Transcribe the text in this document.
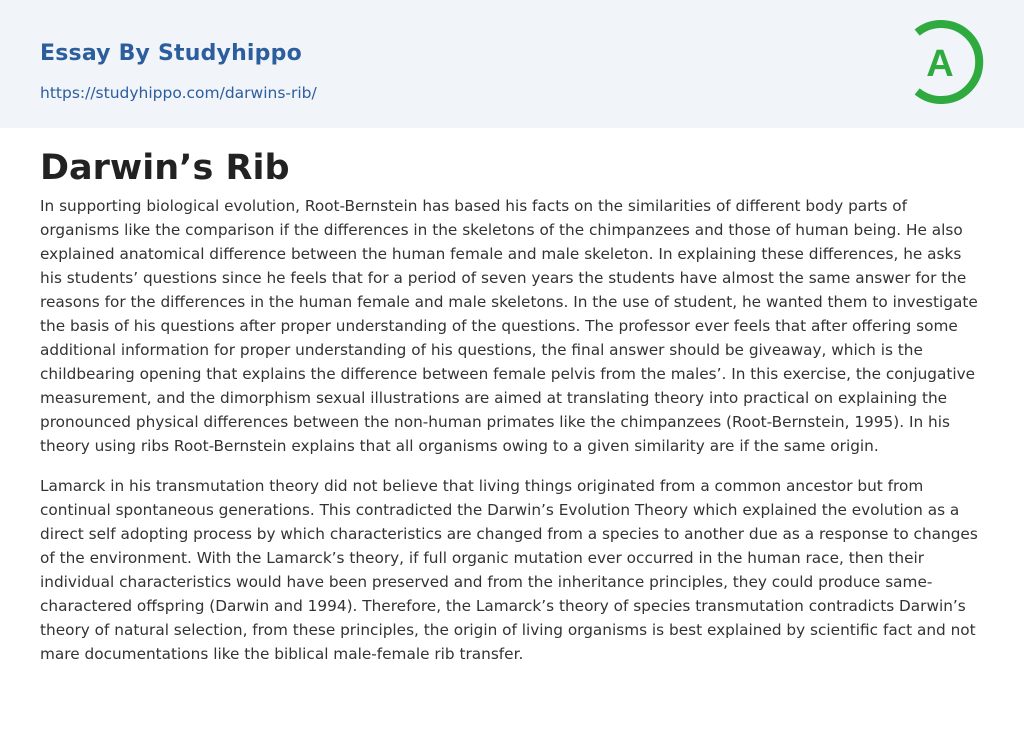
Essay By Studyhippo
https://studyhippo.com/darwins-rib/
A
Darwin’s Rib

In supporting biological evolution, Root-Bernstein has based his facts on the similarities of different body parts of organisms like the comparison if the differences in the skeletons of the chimpanzees and those of human being. He also explained anatomical difference between the human female and male skeleton. In explaining these differences, he asks his students’ questions since he feels that for a period of seven years the students have almost the same answer for the reasons for the differences in the human female and male skeletons. In the use of student, he wanted them to investigate the basis of his questions after proper understanding of the questions. The professor ever feels that after offering some additional information for proper understanding of his questions, the final answer should be giveaway, which is the childbearing opening that explains the difference between female pelvis from the males’. In this exercise, the conjugative measurement, and the dimorphism sexual illustrations are aimed at translating theory into practical on explaining the pronounced physical differences between the non-human primates like the chimpanzees (Root-Bernstein, 1995). In his theory using ribs Root-Bernstein explains that all organisms owing to a given similarity are if the same origin.

Lamarck in his transmutation theory did not believe that living things originated from a common ancestor but from continual spontaneous generations. This contradicted the Darwin’s Evolution Theory which explained the evolution as a direct self adopting process by which characteristics are changed from a species to another due as a response to changes of the environment. With the Lamarck’s theory, if full organic mutation ever occurred in the human race, then their individual characteristics would have been preserved and from the inheritance principles, they could produce same-charactered offspring (Darwin and 1994). Therefore, the Lamarck’s theory of species transmutation contradicts Darwin’s theory of natural selection, from these principles, the origin of living organisms is best explained by scientific fact and not mare documentations like the biblical male-female rib transfer.
